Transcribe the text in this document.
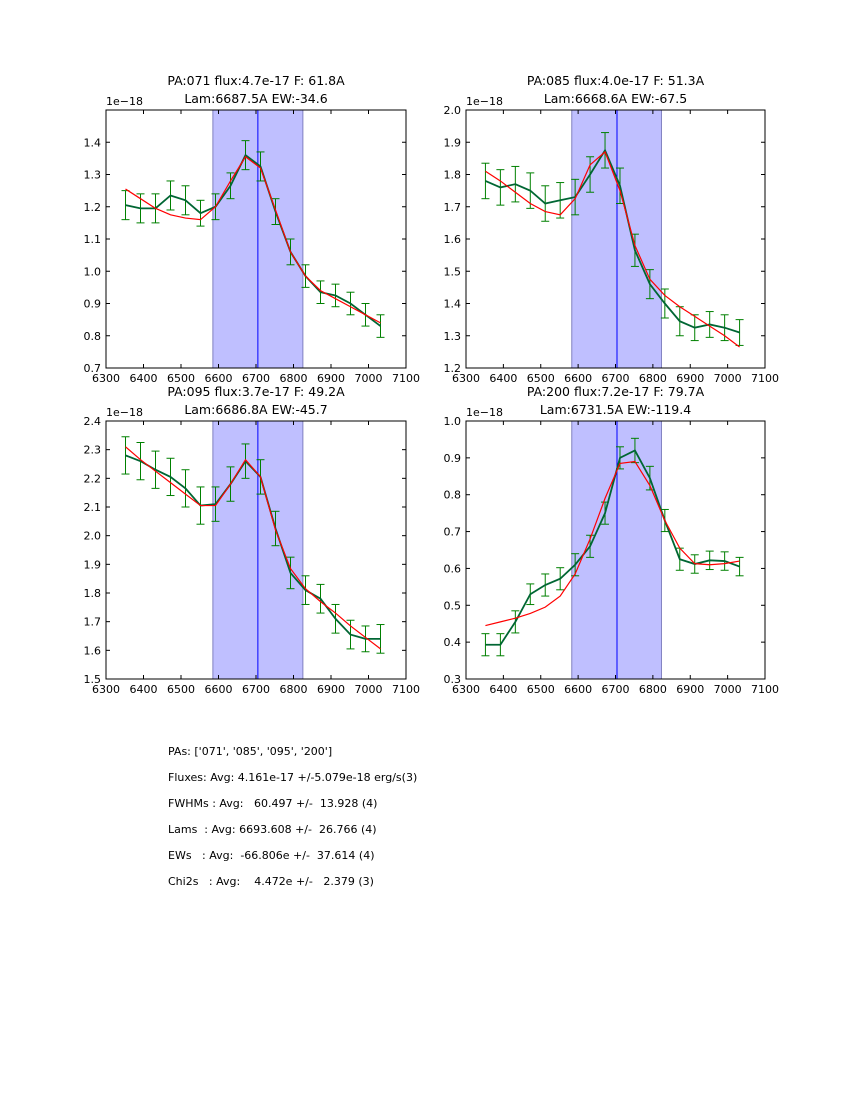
6300 6400 6500 6600 6700 6800 6900 7000 7100
0.7
0.8
0.9
1.0
1.1
1.2
1.3
1.4
PA:071 flux:4.7e-17 F: 61.8A
Lam:6687.5A EW:-34.6
1e−18
6300 6400 6500 6600 6700 6800 6900 7000 7100
1.2
1.3
1.4
1.5
1.6
1.7
1.8
1.9
2.0
PA:085 flux:4.0e-17 F: 51.3A
Lam:6668.6A EW:-67.5
1e−18
6300 6400 6500 6600 6700 6800 6900 7000 7100
1.5
1.6
1.7
1.8
1.9
2.0
2.1
2.2
2.3
2.4
PA:095 flux:3.7e-17 F: 49.2A
Lam:6686.8A EW:-45.7
1e−18
6300 6400 6500 6600 6700 6800 6900 7000 7100
0.3
0.4
0.5
0.6
0.7
0.8
0.9
1.0
PA:200 flux:7.2e-17 F: 79.7A
Lam:6731.5A EW:-119.4
1e−18
PAs: ['071', '085', '095', '200']
Fluxes: Avg: 4.161e-17 +/-5.079e-18 erg/s(3)
FWHMs : Avg:   60.497 +/-  13.928 (4)
Lams  : Avg: 6693.608 +/-  26.766 (4)
EWs   : Avg:  -66.806e +/-  37.614 (4)
Chi2s   : Avg:    4.472e +/-   2.379 (3)
